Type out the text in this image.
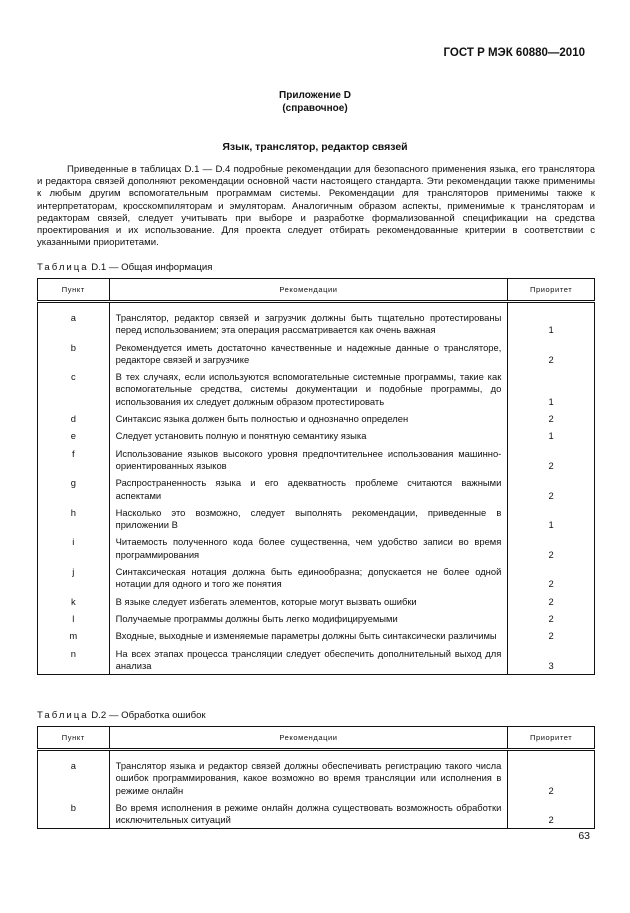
ГОСТ Р МЭК 60880—2010
Приложение D
(справочное)
Язык, транслятор, редактор связей

Приведенные в таблицах D.1 — D.4 подробные рекомендации для безопасного применения языка, его транслятора и редактора связей дополняют рекомендации основной части настоящего стандарта. Эти рекомендации также применимы к любым другим вспомогательным программам системы. Рекомендации для трансляторов применимы также к интерпретаторам, кросскомпиляторам и эмуляторам. Аналогичным образом аспекты, применимые к трансляторам и редакторам связей, следует учитывать при выборе и разработке формализованной спецификации на средства проектирования и их использование. Для проекта следует отбирать рекомендованные критерии в соответствии с указанными приоритетами.

Таблица D.1 — Общая информация
Пункт	Рекомендации	Приоритет
a	Транслятор, редактор связей и загрузчик должны быть тщательно протестированы перед использованием; эта операция рассматривается как очень важная	1
b	Рекомендуется иметь достаточно качественные и надежные данные о трансляторе, редакторе связей и загрузчике	2
c	В тех случаях, если используются вспомогательные системные программы, такие как вспомогательные средства, системы документации и подобные программы, до использования их следует должным образом протестировать	1
d	Синтаксис языка должен быть полностью и однозначно определен	2
e	Следует установить полную и понятную семантику языка	1
f	Использование языков высокого уровня предпочтительнее использования машинно-ориентированных языков	2
g	Распространенность языка и его адекватность проблеме считаются важными аспектами	2
h	Насколько это возможно, следует выполнять рекомендации, приведенные в приложении B	1
i	Читаемость полученного кода более существенна, чем удобство записи во время программирования	2
j	Синтаксическая нотация должна быть единообразна; допускается не более одной нотации для одного и того же понятия	2
k	В языке следует избегать элементов, которые могут вызвать ошибки	2
l	Получаемые программы должны быть легко модифицируемыми	2
m	Входные, выходные и изменяемые параметры должны быть синтаксически различимы	2
n	На всех этапах процесса трансляции следует обеспечить дополнительный выход для анализа	3
Таблица D.2 — Обработка ошибок
Пункт	Рекомендации	Приоритет
a	Транслятор языка и редактор связей должны обеспечивать регистрацию такого числа ошибок программирования, какое возможно во время трансляции или исполнения в режиме онлайн	2
b	Во время исполнения в режиме онлайн должна существовать возможность обработки исключительных ситуаций	2
63
